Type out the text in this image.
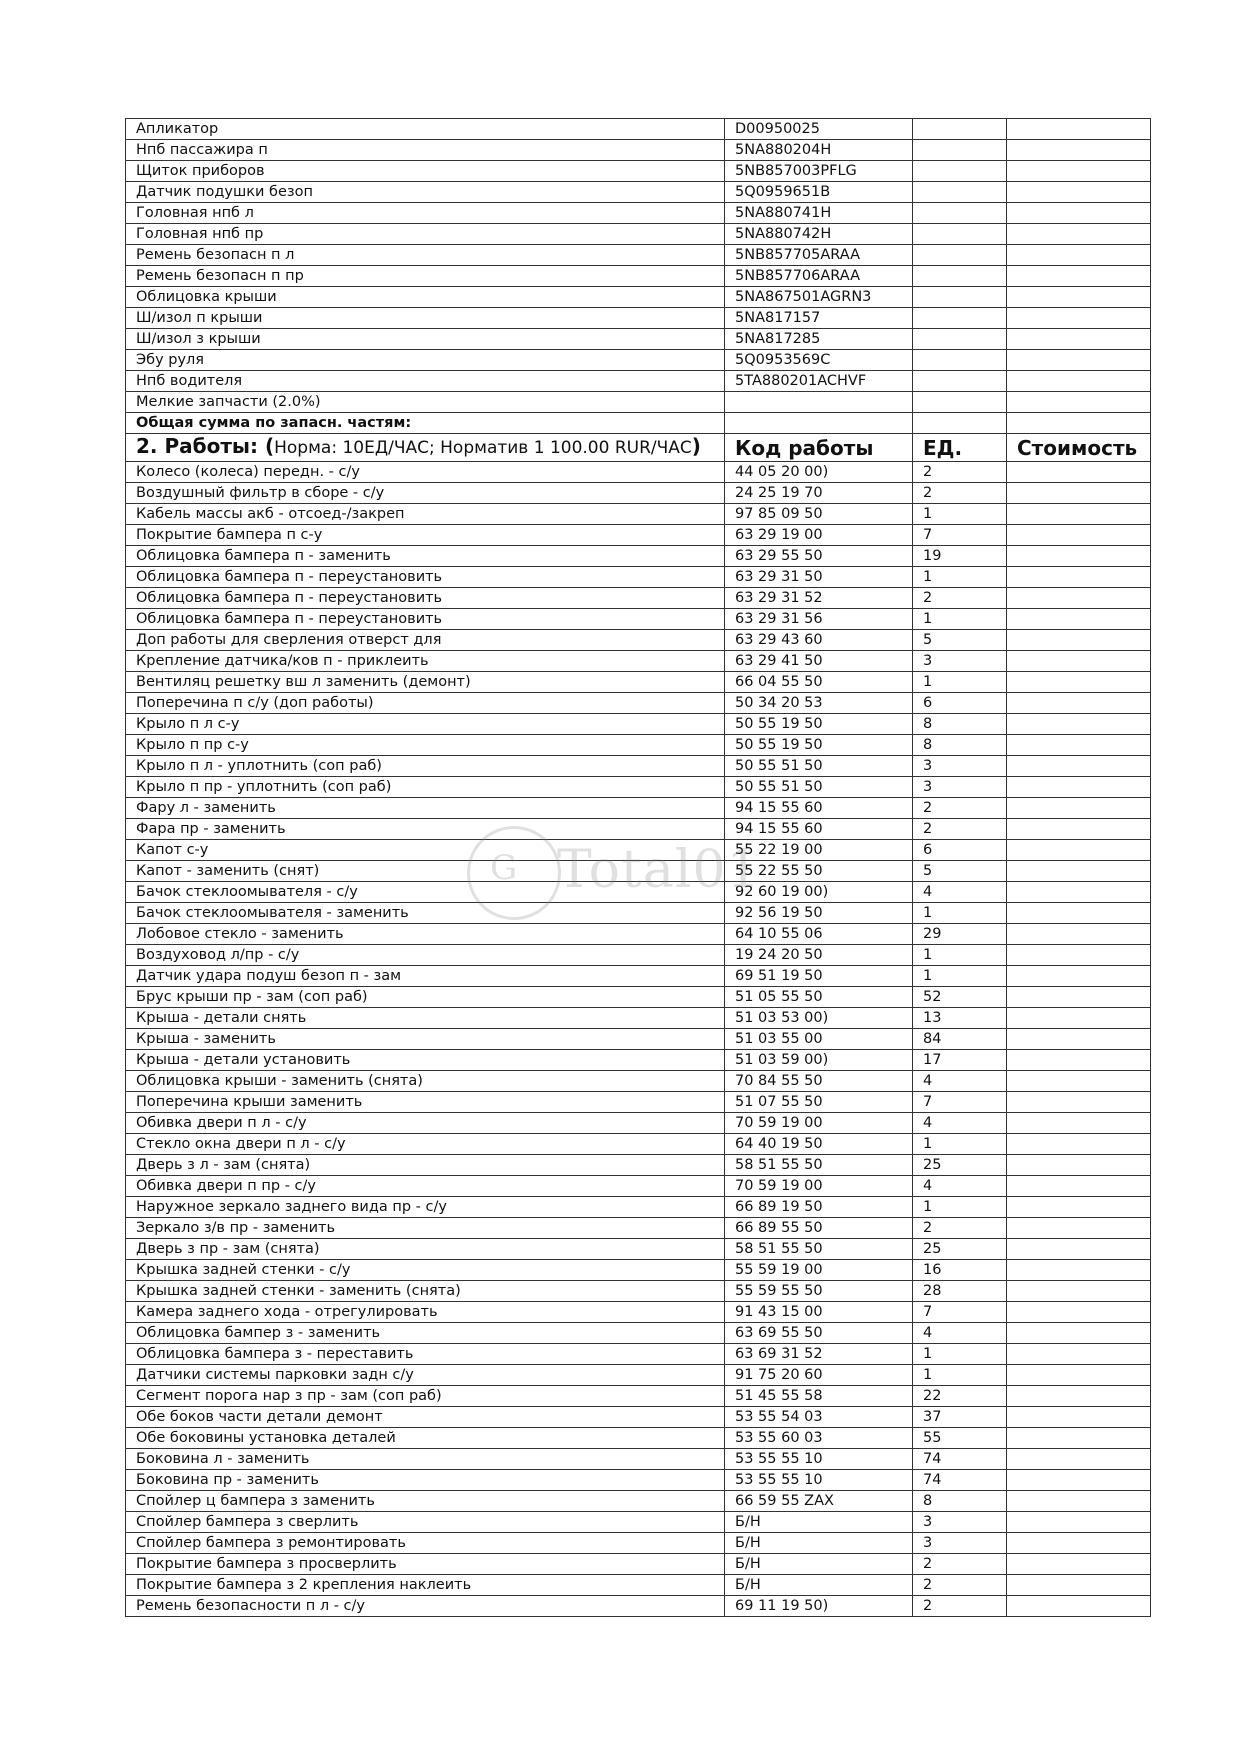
Апликатор	D00950025		
Нпб пассажира п	5NA880204H		
Щиток приборов	5NB857003PFLG		
Датчик подушки безоп	5Q0959651B		
Головная нпб л	5NA880741H		
Головная нпб пр	5NA880742H		
Ремень безопасн п л	5NB857705ARAA		
Ремень безопасн п пр	5NB857706ARAA		
Облицовка крыши	5NA867501AGRN3		
Ш/изол п крыши	5NA817157		
Ш/изол з крыши	5NA817285		
Эбу руля	5Q0953569C		
Нпб водителя	5TA880201ACHVF		
Мелкие запчасти (2.0%)			
Общая сумма по запасн. частям:			
2. Работы: (Норма: 10ЕД/ЧАС; Норматив 1 100.00 RUR/ЧАС)	Код работы	ЕД.	Стоимость
Колесо (колеса) передн. - с/у	44 05 20 00)	2	
Воздушный фильтр в сборе - с/у	24 25 19 70	2	
Кабель массы акб - отсоед-/закреп	97 85 09 50	1	
Покрытие бампера п с-у	63 29 19 00	7	
Облицовка бампера п - заменить	63 29 55 50	19	
Облицовка бампера п - переустановить	63 29 31 50	1	
Облицовка бампера п - переустановить	63 29 31 52	2	
Облицовка бампера п - переустановить	63 29 31 56	1	
Доп работы для сверления отверст для	63 29 43 60	5	
Крепление датчика/ков п - приклеить	63 29 41 50	3	
Вентиляц решетку вш л заменить (демонт)	66 04 55 50	1	
Поперечина п с/у (доп работы)	50 34 20 53	6	
Крыло п л с-у	50 55 19 50	8	
Крыло п пр с-у	50 55 19 50	8	
Крыло п л - уплотнить (соп раб)	50 55 51 50	3	
Крыло п пр - уплотнить (соп раб)	50 55 51 50	3	
Фару л - заменить	94 15 55 60	2	
Фара пр - заменить	94 15 55 60	2	
Капот с-у	55 22 19 00	6	
Капот - заменить (снят)	55 22 55 50	5	
Бачок стеклоомывателя - с/у	92 60 19 00)	4	
Бачок стеклоомывателя - заменить	92 56 19 50	1	
Лобовое стекло - заменить	64 10 55 06	29	
Воздуховод л/пр - с/у	19 24 20 50	1	
Датчик удара подуш безоп п - зам	69 51 19 50	1	
Брус крыши пр - зам (соп раб)	51 05 55 50	52	
Крыша - детали снять	51 03 53 00)	13	
Крыша - заменить	51 03 55 00	84	
Крыша - детали установить	51 03 59 00)	17	
Облицовка крыши - заменить (снята)	70 84 55 50	4	
Поперечина крыши заменить	51 07 55 50	7	
Обивка двери п л - с/у	70 59 19 00	4	
Стекло окна двери п л - с/у	64 40 19 50	1	
Дверь з л - зам (снята)	58 51 55 50	25	
Обивка двери п пр - с/у	70 59 19 00	4	
Наружное зеркало заднего вида пр - с/у	66 89 19 50	1	
Зеркало з/в пр - заменить	66 89 55 50	2	
Дверь з пр - зам (снята)	58 51 55 50	25	
Крышка задней стенки - с/у	55 59 19 00	16	
Крышка задней стенки - заменить (снята)	55 59 55 50	28	
Камера заднего хода - отрегулировать	91 43 15 00	7	
Облицовка бампер з - заменить	63 69 55 50	4	
Облицовка бампера з - переставить	63 69 31 52	1	
Датчики системы парковки задн с/у	91 75 20 60	1	
Сегмент порога нар з пр - зам (соп раб)	51 45 55 58	22	
Обе боков части детали демонт	53 55 54 03	37	
Обе боковины установка деталей	53 55 60 03	55	
Боковина л - заменить	53 55 55 10	74	
Боковина пр - заменить	53 55 55 10	74	
Спойлер ц бампера з заменить	66 59 55 ZAX	8	
Спойлер бампера з сверлить	Б/Н	3	
Спойлер бампера з ремонтировать	Б/Н	3	
Покрытие бампера з просверлить	Б/Н	2	
Покрытие бампера з 2 крепления наклеить	Б/Н	2	
Ремень безопасности п л - с/у	69 11 19 50)	2	
G Total01
